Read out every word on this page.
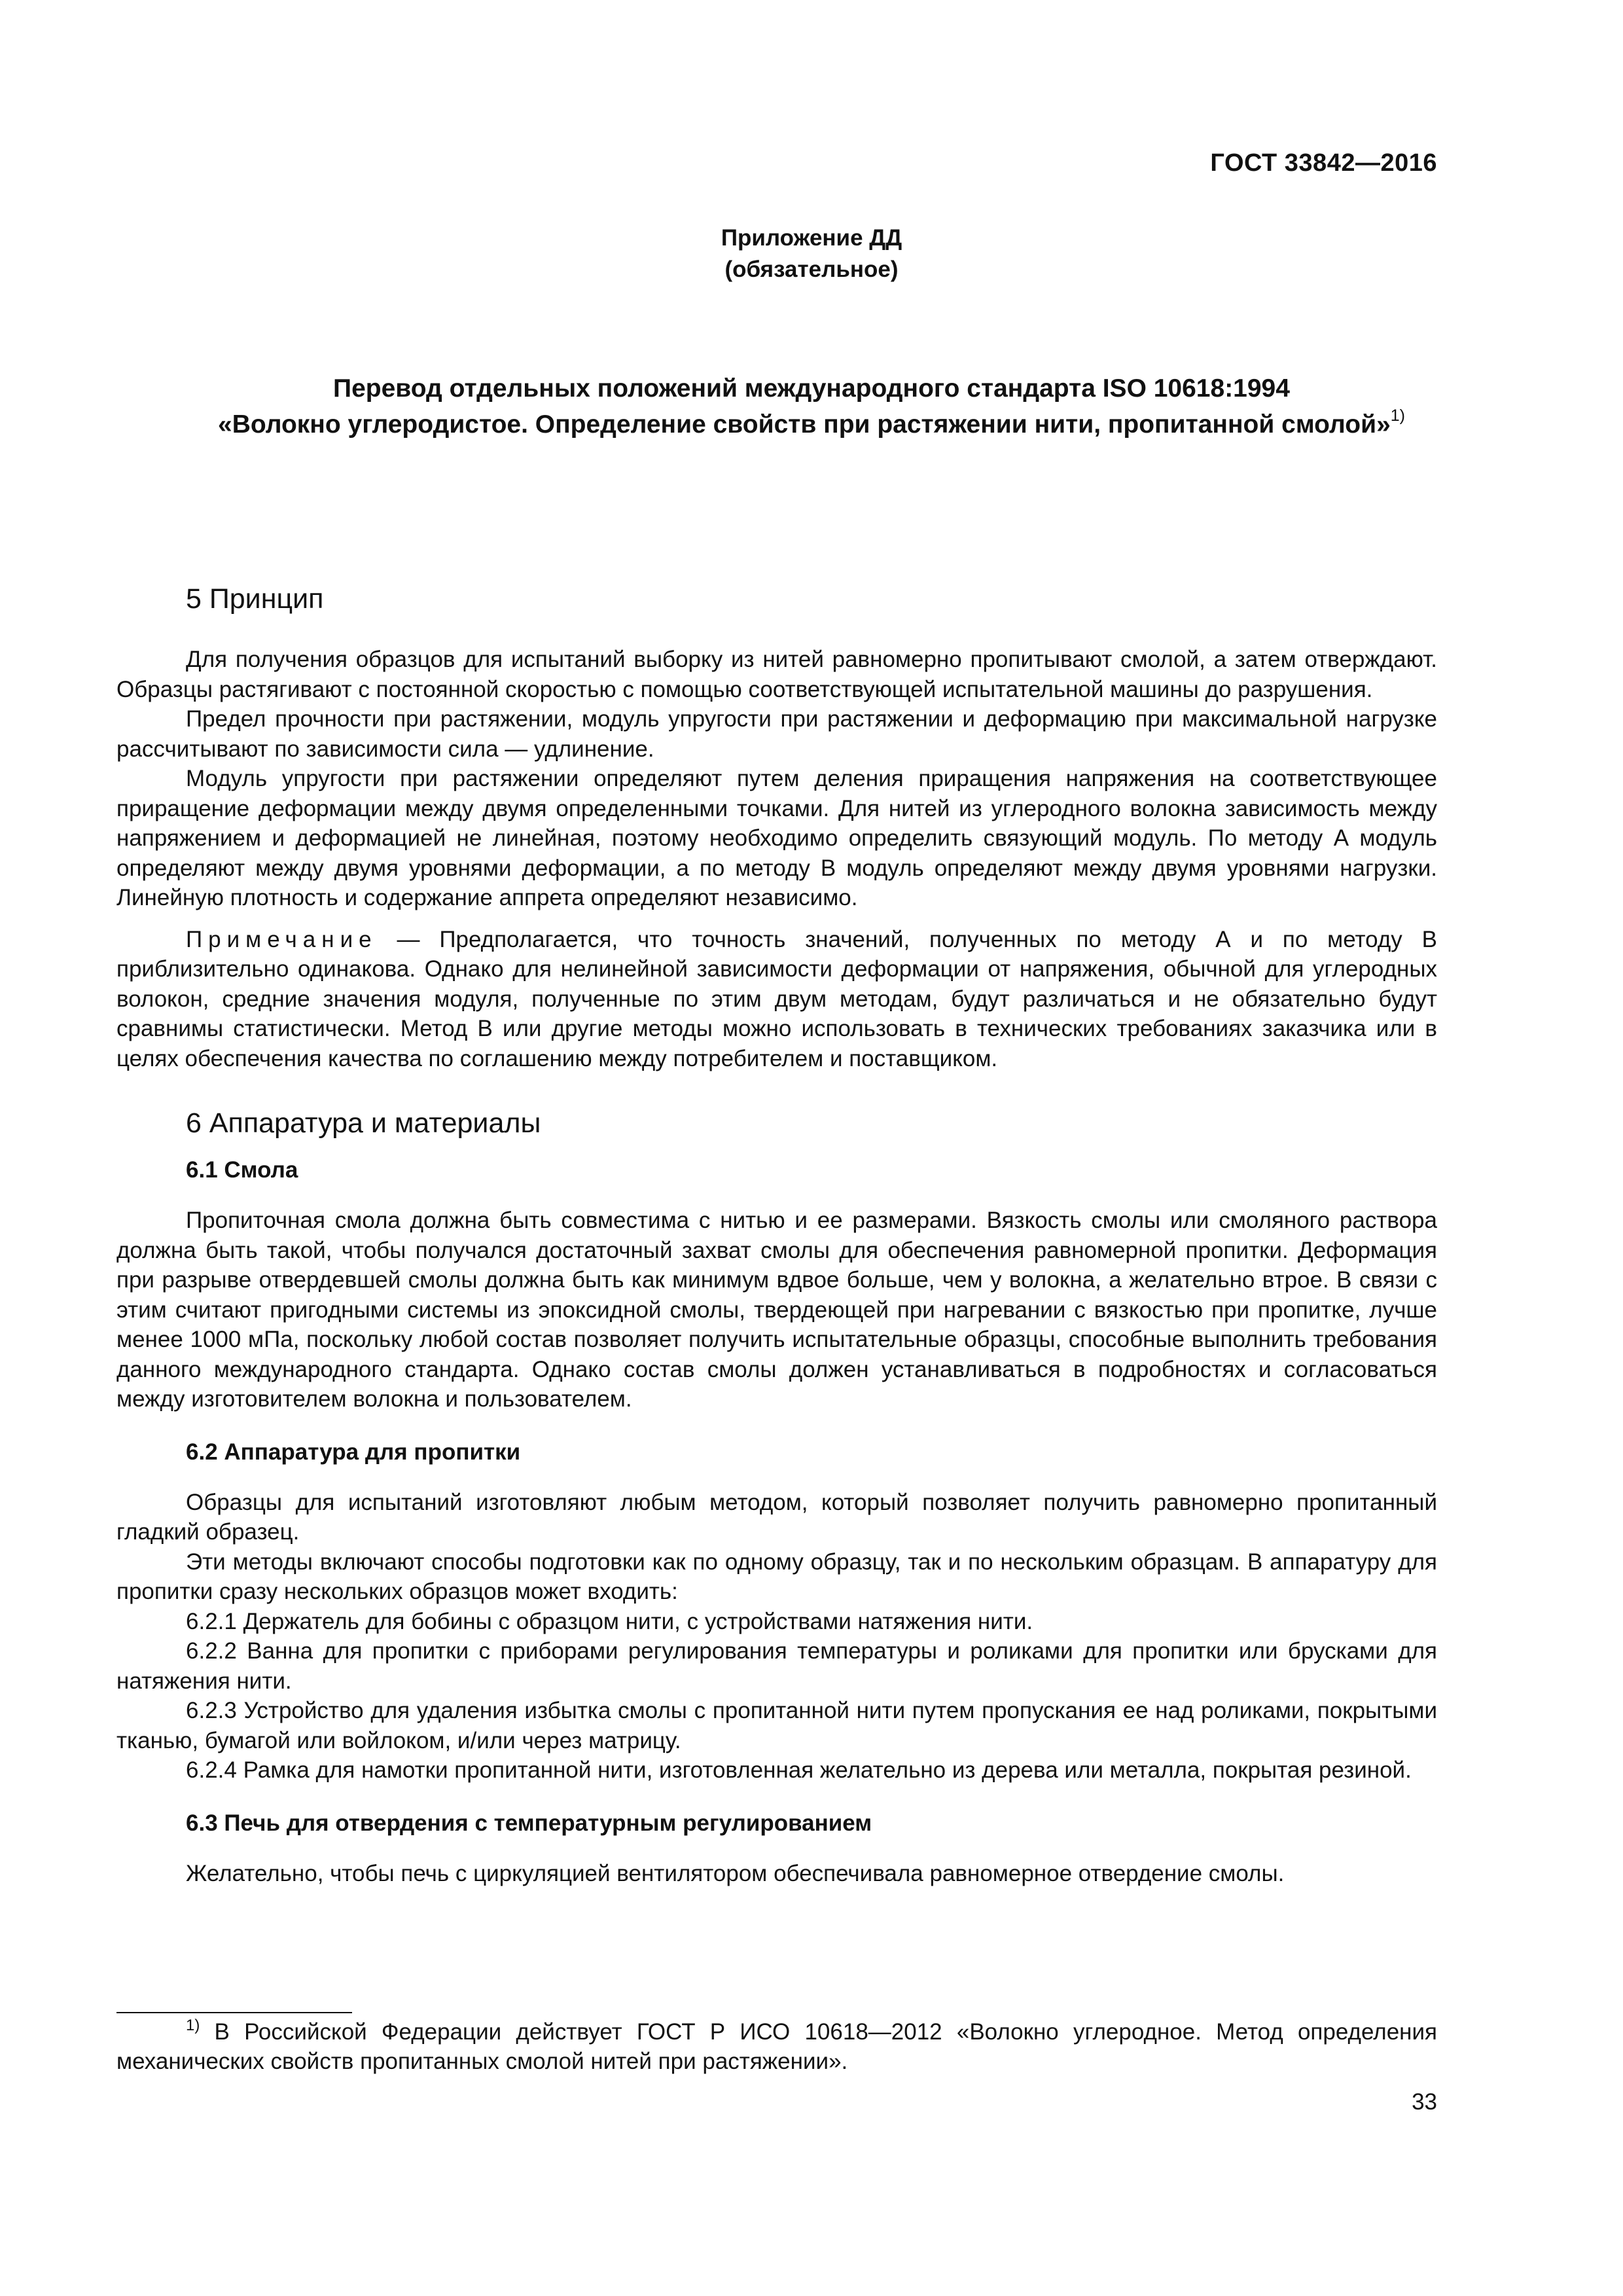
ГОСТ 33842—2016
Приложение ДД
(обязательное)
Перевод отдельных положений международного стандарта ISO 10618:1994
«Волокно углеродистое. Определение свойств при растяжении нити, пропитанной смолой»$^{1)}$
5 Принцип

Для получения образцов для испытаний выборку из нитей равномерно пропитывают смолой, а затем отверждают. Образцы растягивают с постоянной скоростью с помощью соответствующей испытательной машины до разрушения.

Предел прочности при растяжении, модуль упругости при растяжении и деформацию при максимальной нагрузке рассчитывают по зависимости сила — удлинение.

Модуль упругости при растяжении определяют путем деления приращения напряжения на соответствующее приращение деформации между двумя определенными точками. Для нитей из углеродного волокна зависимость между напряжением и деформацией не линейная, поэтому необходимо определить связующий модуль. По методу А модуль определяют между двумя уровнями деформации, а по методу В модуль определяют между двумя уровнями нагрузки. Линейную плотность и содержание аппрета определяют независимо.

Примечание — Предполагается, что точность значений, полученных по методу А и по методу В приблизительно одинакова. Однако для нелинейной зависимости деформации от напряжения, обычной для углеродных волокон, средние значения модуля, полученные по этим двум методам, будут различаться и не обязательно будут сравнимы статистически. Метод В или другие методы можно использовать в технических требованиях заказчика или в целях обеспечения качества по соглашению между потребителем и поставщиком.

6 Аппаратура и материалы
6.1 Смола

Пропиточная смола должна быть совместима с нитью и ее размерами. Вязкость смолы или смоляного раствора должна быть такой, чтобы получался достаточный захват смолы для обеспечения равномерной пропитки. Деформация при разрыве отвердевшей смолы должна быть как минимум вдвое больше, чем у волокна, а желательно втрое. В связи с этим считают пригодными системы из эпоксидной смолы, твердеющей при нагревании с вязкостью при пропитке, лучше менее 1000 мПа, поскольку любой состав позволяет получить испытательные образцы, способные выполнить требования данного международного стандарта. Однако состав смолы должен устанавливаться в подробностях и согласоваться между изготовителем волокна и пользователем.

6.2 Аппаратура для пропитки

Образцы для испытаний изготовляют любым методом, который позволяет получить равномерно пропитанный гладкий образец.

Эти методы включают способы подготовки как по одному образцу, так и по нескольким образцам. В аппаратуру для пропитки сразу нескольких образцов может входить:

6.2.1 Держатель для бобины с образцом нити, с устройствами натяжения нити.

6.2.2 Ванна для пропитки с приборами регулирования температуры и роликами для пропитки или брусками для натяжения нити.

6.2.3 Устройство для удаления избытка смолы с пропитанной нити путем пропускания ее над роликами, покрытыми тканью, бумагой или войлоком, и/или через матрицу.

6.2.4 Рамка для намотки пропитанной нити, изготовленная желательно из дерева или металла, покрытая резиной.

6.3 Печь для отвердения с температурным регулированием

Желательно, чтобы печь с циркуляцией вентилятором обеспечивала равномерное отвердение смолы.

$^{1)}$ В Российской Федерации действует ГОСТ Р ИСО 10618—2012 «Волокно углеродное. Метод определения механических свойств пропитанных смолой нитей при растяжении».

33
